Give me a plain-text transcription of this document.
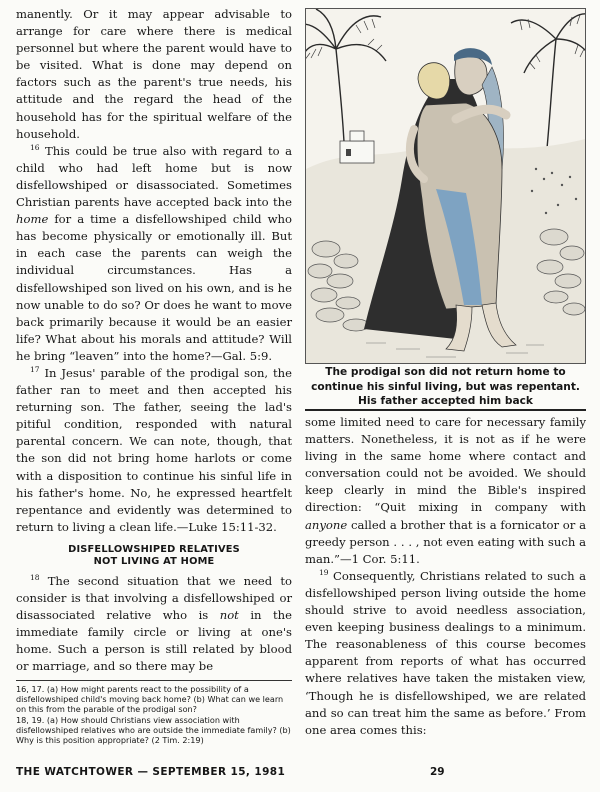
manently. Or it may appear advisable to arrange for care where there is medical personnel but where the parent would have to be visited. What is done may depend on factors such as the parent's true needs, his attitude and the regard the head of the household has for the spiritual welfare of the household.

$^{16}$ This could be true also with regard to a child who had left home but is now disfellowshiped or disassociated. Sometimes Christian parents have accepted back into the home for a time a disfellowshiped child who has become physically or emotionally ill. But in each case the parents can weigh the individual circumstances. Has a disfellowshiped son lived on his own, and is he now unable to do so? Or does he want to move back primarily because it would be an easier life? What about his morals and attitude? Will he bring “leaven” into the home?—Gal. 5:9.

$^{17}$ In Jesus' parable of the prodigal son, the father ran to meet and then accepted his returning son. The father, seeing the lad's pitiful condition, responded with natural parental concern. We can note, though, that the son did not bring home harlots or come with a disposition to continue his sinful life in his father's home. No, he expressed heartfelt repentance and evidently was determined to return to living a clean life.—Luke 15:11-32.

DISFELLOWSHIPED RELATIVES
NOT LIVING AT HOME

$^{18}$ The second situation that we need to consider is that involving a disfellowshiped or disassociated relative who is not in the immediate family circle or living at one's home. Such a person is still related by blood or marriage, and so there may be

16, 17. (a) How might parents react to the possibility of a disfellowshiped child's moving back home? (b) What can we learn on this from the parable of the prodigal son?

18, 19. (a) How should Christians view association with disfellowshiped relatives who are outside the immediate family? (b) Why is this position appropriate? (2 Tim. 2:19)

The prodigal son did not return home to continue his sinful living, but was repentant. His father accepted him back

some limited need to care for necessary family matters. Nonetheless, it is not as if he were living in the same home where contact and conversation could not be avoided. We should keep clearly in mind the Bible's inspired direction: “Quit mixing in company with anyone called a brother that is a fornicator or a greedy person . . . , not even eating with such a man.”—1 Cor. 5:11.

$^{19}$ Consequently, Christians related to such a disfellowshiped person living outside the home should strive to avoid needless association, even keeping business dealings to a minimum. The reasonableness of this course becomes apparent from reports of what has occurred where relatives have taken the mistaken view, ‘Though he is disfellowshiped, we are related and so can treat him the same as before.’ From one area comes this:

THE WATCHTOWER — SEPTEMBER 15, 1981	29
